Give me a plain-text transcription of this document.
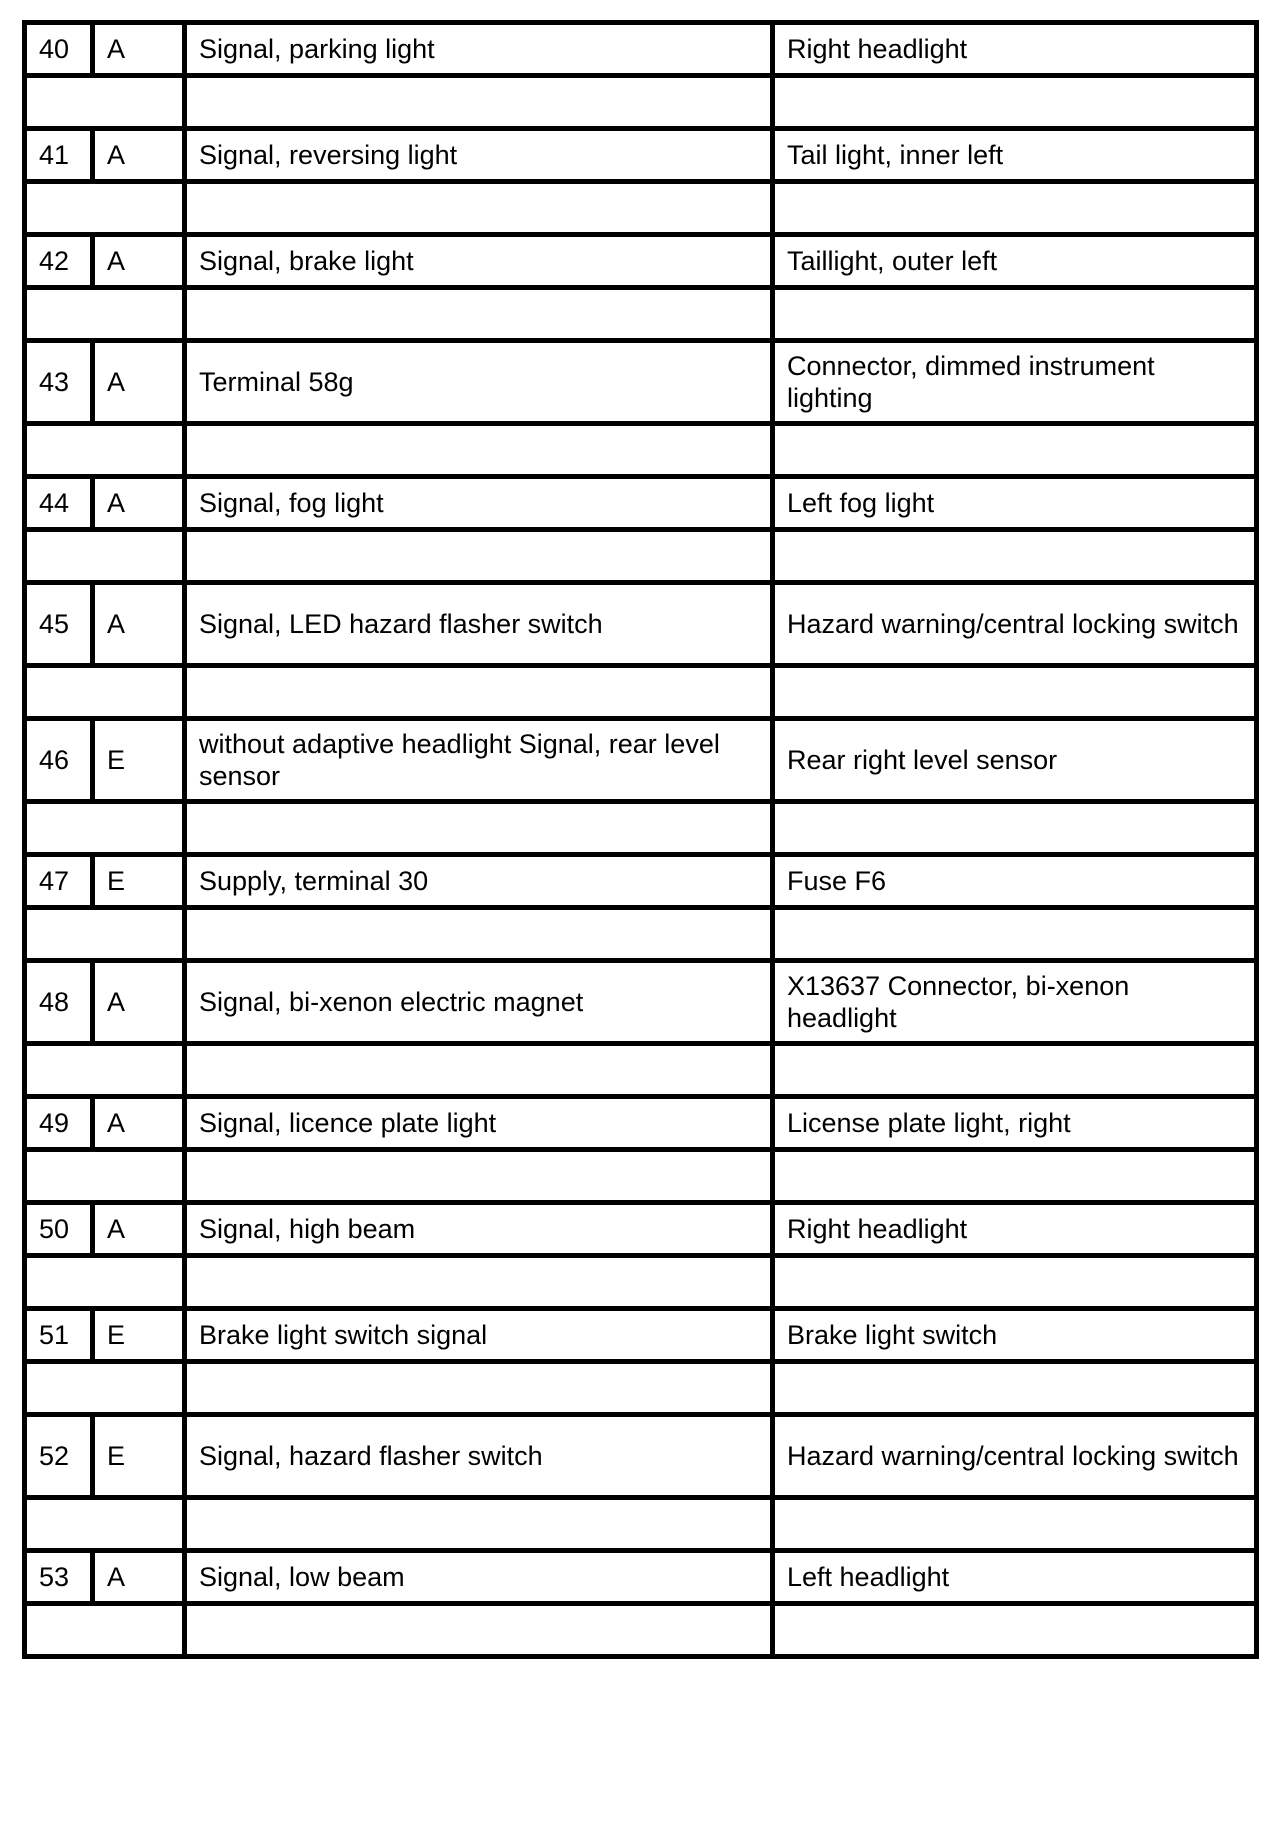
40	A	Signal, parking light	Right headlight

41	A	Signal, reversing light	Tail light, inner left

42	A	Signal, brake light	Taillight, outer left

43	A	Terminal 58g	Connector, dimmed instrument lighting

44	A	Signal, fog light	Left fog light

45	A	Signal, LED hazard flasher switch	Hazard warning/central locking switch

46	E	without adaptive headlight Signal, rear level sensor	Rear right level sensor

47	E	Supply, terminal 30	Fuse F6

48	A	Signal, bi-xenon electric magnet	X13637 Connector, bi-xenon headlight

49	A	Signal, licence plate light	License plate light, right

50	A	Signal, high beam	Right headlight

51	E	Brake light switch signal	Brake light switch

52	E	Signal, hazard flasher switch	Hazard warning/central locking switch

53	A	Signal, low beam	Left headlight
